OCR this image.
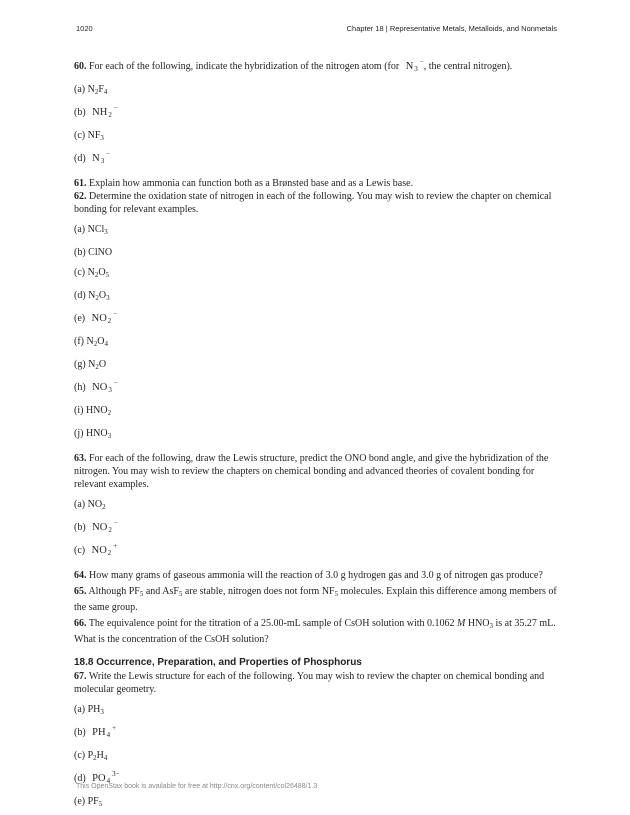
1020	Chapter 18 | Representative Metals, Metalloids, and Nonmetals

60. For each of the following, indicate the hybridization of the nitrogen atom (for $N_3^-$, the central nitrogen).

(a) $N_2F_4$
(b) $NH_2^-$
(c) $NF_3$
(d) $N_3^-$

61. Explain how ammonia can function both as a Brønsted base and as a Lewis base.

62. Determine the oxidation state of nitrogen in each of the following. You may wish to review the chapter on chemical bonding for relevant examples.

(a) NCl$_3$
(b) ClNO
(c) $N_2O_5$
(d) $N_2O_3$
(e) $NO_2^-$
(f) $N_2O_4$
(g) $N_2O$
(h) $NO_3^-$
(i) $HNO_2$
(j) $HNO_3$

63. For each of the following, draw the Lewis structure, predict the ONO bond angle, and give the hybridization of the nitrogen. You may wish to review the chapters on chemical bonding and advanced theories of covalent bonding for relevant examples.

(a) $NO_2$
(b) $NO_2^-$
(c) $NO_2^+$

64. How many grams of gaseous ammonia will the reaction of 3.0 g hydrogen gas and 3.0 g of nitrogen gas produce?

65. Although $PF_5$ and AsF$_5$ are stable, nitrogen does not form $NF_5$ molecules. Explain this difference among members of the same group.

66. The equivalence point for the titration of a 25.00-mL sample of CsOH solution with 0.1062 M $HNO_3$ is at 35.27 mL. What is the concentration of the CsOH solution?

18.8 Occurrence, Preparation, and Properties of Phosphorus

67. Write the Lewis structure for each of the following. You may wish to review the chapter on chemical bonding and molecular geometry.

(a) $PH_3$
(b) $PH_4^+$
(c) $P_2H_4$
(d) $PO_4^{3-}$
(e) $PF_5$
This OpenStax book is available for free at http://cnx.org/content/col26488/1.3
